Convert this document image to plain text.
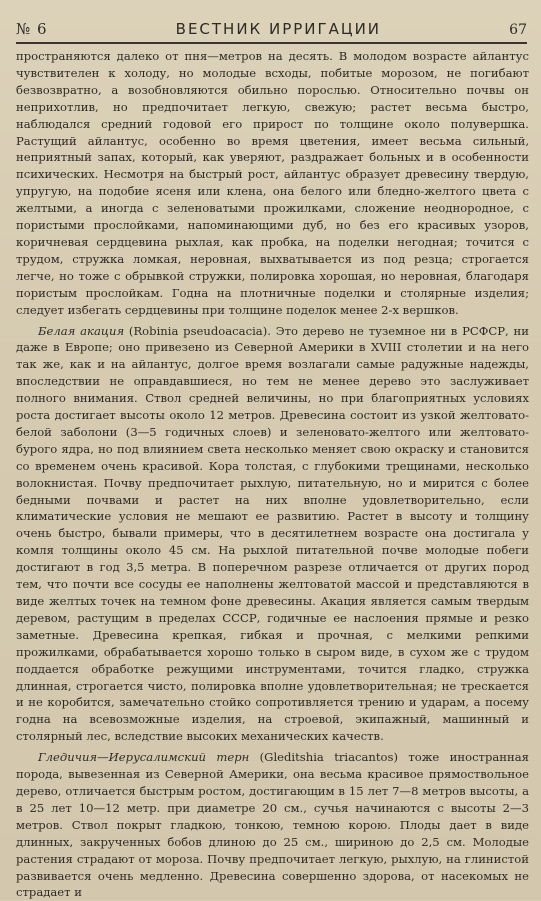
№ 6	ВЕСТНИК ИРРИГАЦИИ	67

пространяются далеко от пня—метров на десять. В молодом возрасте айлантус чувствителен к холоду, но молодые всходы, побитые морозом, не погибают безвозвратно, а возобновляются обильно порослью. Относительно почвы он неприхотлив, но предпочитает легкую, свежую; растет весьма быстро, наблюдался средний годовой его прирост по толщине около полувершка. Растущий айлантус, особенно во время цветения, имеет весьма сильный, неприятный запах, который, как уверяют, раздражает больных и в особенности психических. Несмотря на быстрый рост, айлантус образует древесину твердую, упругую, на подобие ясеня или клена, она белого или бледно-желтого цвета с желтыми, а иногда с зеленоватыми прожилками, сложение неоднородное, с пористыми прослойками, напоминающими дуб, но без его красивых узоров, коричневая сердцевина рыхлая, как пробка, на поделки негодная; точится с трудом, стружка ломкая, неровная, выхватывается из под резца; строгается легче, но тоже с обрывкой стружки, полировка хорошая, но неровная, благодаря пористым прослойкам. Годна на плотничные поделки и столярные изделия; следует избегать сердцевины при толщине поделок менее 2-х вершков.

Белая акация (Robinia pseudoacacia). Это дерево не туземное ни в РСФСР, ни даже в Европе; оно привезено из Северной Америки в XVIII столетии и на него так же, как и на айлантус, долгое время возлагали самые радужные надежды, впоследствии не оправдавшиеся, но тем не менее дерево это заслуживает полного внимания. Ствол средней величины, но при благоприятных условиях роста достигает высоты около 12 метров. Древесина состоит из узкой желтовато-белой заболони (3—5 годичных слоев) и зеленовато-желтого или желтовато-бурого ядра, но под влиянием света несколько меняет свою окраску и становится со временем очень красивой. Кора толстая, с глубокими трещинами, несколько волокнистая. Почву предпочитает рыхлую, питательную, но и мирится с более бедными почвами и растет на них вполне удовлетворительно, если климатические условия не мешают ее развитию. Растет в высоту и толщину очень быстро, бывали примеры, что в десятилетнем возрасте она достигала у комля толщины около 45 см. На рыхлой питательной почве молодые побеги достигают в год 3,5 метра. В поперечном разрезе отличается от других пород тем, что почти все сосуды ее наполнены желтоватой массой и представляются в виде желтых точек на темном фоне древесины. Акация является самым твердым деревом, растущим в пределах СССР, годичные ее наслоения прямые и резко заметные. Древесина крепкая, гибкая и прочная, с мелкими репкими прожилками, обрабатывается хорошо только в сыром виде, в сухом же с трудом поддается обработке режущими инструментами, точится гладко, стружка длинная, строгается чисто, полировка вполне удовлетворительная; не трескается и не коробится, замечательно стойко сопротивляется трению и ударам, а посему годна на всевозможные изделия, на строевой, экипажный, машинный и столярный лес, вследствие высоких механических качеств.

Гледичия—Иерусалимский терн (Gleditshia triacantos) тоже иностранная порода, вывезенная из Северной Америки, она весьма красивое прямоствольное дерево, отличается быстрым ростом, достигающим в 15 лет 7—8 метров высоты, а в 25 лет 10—12 метр. при диаметре 20 см., сучья начинаются с высоты 2—3 метров. Ствол покрыт гладкою, тонкою, темною корою. Плоды дает в виде длинных, закрученных бобов длиною до 25 см., шириною до 2,5 см. Молодые растения страдают от мороза. Почву предпочитает легкую, рыхлую, на глинистой развивается очень медленно. Древесина совершенно здорова, от насекомых не страдает и
